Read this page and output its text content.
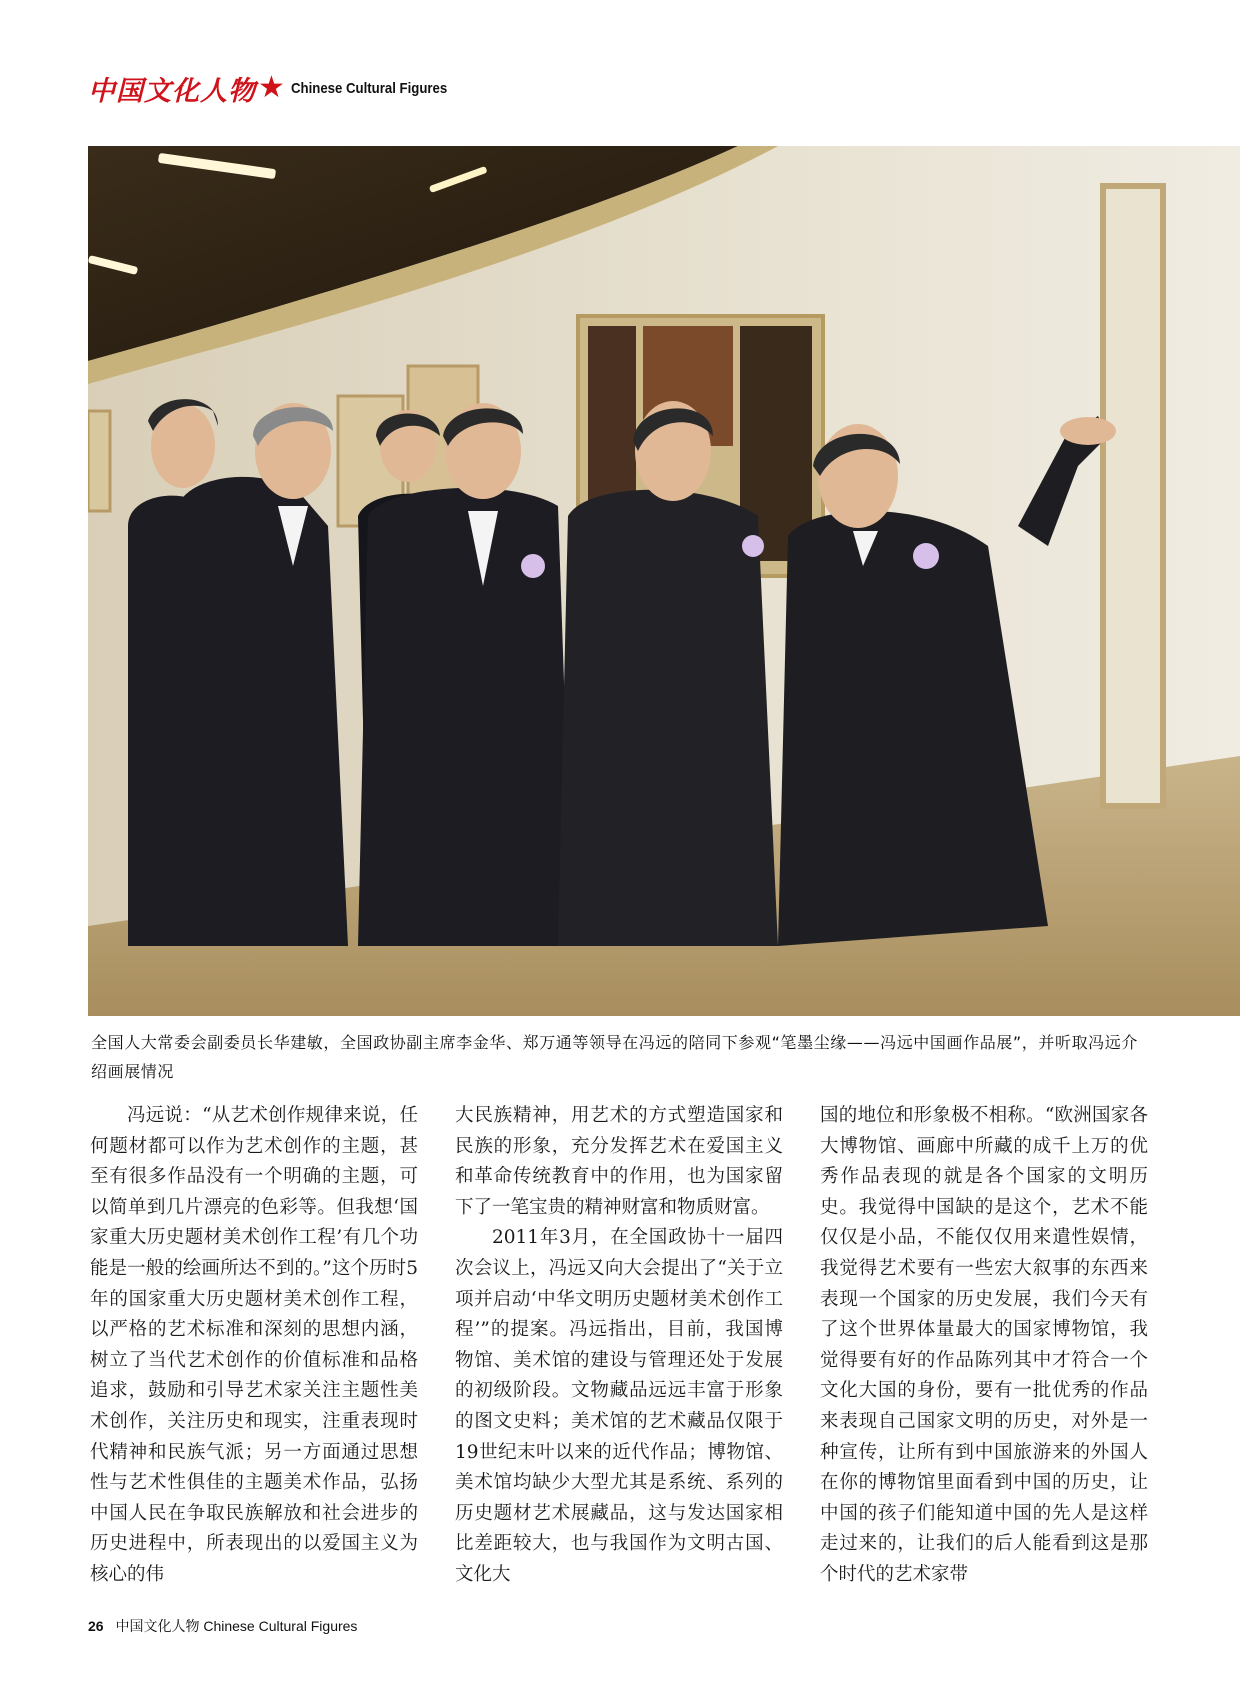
中国文化人物 ★ Chinese Cultural Figures
全国人大常委会副委员长华建敏，全国政协副主席李金华、郑万通等领导在冯远的陪同下参观“笔墨尘缘——冯远中国画作品展”，并听取冯远介绍画展情况

冯远说：“从艺术创作规律来说，任何题材都可以作为艺术创作的主题，甚至有很多作品没有一个明确的主题，可以简单到几片漂亮的色彩等。但我想‘国家重大历史题材美术创作工程’有几个功能是一般的绘画所达不到的。”这个历时5年的国家重大历史题材美术创作工程，以严格的艺术标准和深刻的思想内涵，树立了当代艺术创作的价值标准和品格追求，鼓励和引导艺术家关注主题性美术创作，关注历史和现实，注重表现时代精神和民族气派；另一方面通过思想性与艺术性俱佳的主题美术作品，弘扬中国人民在争取民族解放和社会进步的历史进程中，所表现出的以爱国主义为核心的伟

大民族精神，用艺术的方式塑造国家和民族的形象，充分发挥艺术在爱国主义和革命传统教育中的作用，也为国家留下了一笔宝贵的精神财富和物质财富。

2011年3月，在全国政协十一届四次会议上，冯远又向大会提出了“关于立项并启动‘中华文明历史题材美术创作工程’”的提案。冯远指出，目前，我国博物馆、美术馆的建设与管理还处于发展的初级阶段。文物藏品远远丰富于形象的图文史料；美术馆的艺术藏品仅限于19世纪末叶以来的近代作品；博物馆、美术馆均缺少大型尤其是系统、系列的历史题材艺术展藏品，这与发达国家相比差距较大，也与我国作为文明古国、文化大

国的地位和形象极不相称。“欧洲国家各大博物馆、画廊中所藏的成千上万的优秀作品表现的就是各个国家的文明历史。我觉得中国缺的是这个，艺术不能仅仅是小品，不能仅仅用来遣性娱情，我觉得艺术要有一些宏大叙事的东西来表现一个国家的历史发展，我们今天有了这个世界体量最大的国家博物馆，我觉得要有好的作品陈列其中才符合一个文化大国的身份，要有一批优秀的作品来表现自己国家文明的历史，对外是一种宣传，让所有到中国旅游来的外国人在你的博物馆里面看到中国的历史，让中国的孩子们能知道中国的先人是这样走过来的，让我们的后人能看到这是那个时代的艺术家带

26 中国文化人物 Chinese Cultural Figures
